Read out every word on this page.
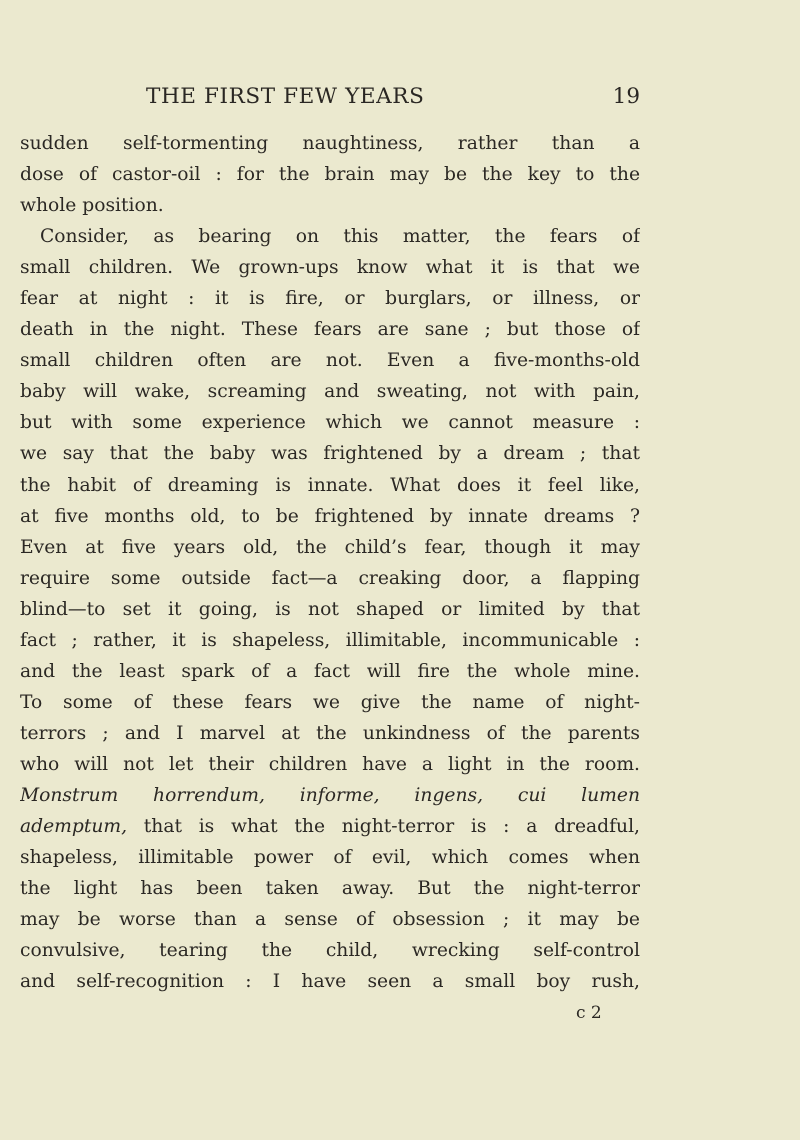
THE FIRST FEW YEARS	19
sudden self-tormenting naughtiness, rather than a
dose of castor-oil : for the brain may be the key to the
whole position.
Consider, as bearing on this matter, the fears of
small children. We grown-ups know what it is that we
fear at night : it is fire, or burglars, or illness, or
death in the night. These fears are sane ; but those of
small children often are not. Even a five-months-old
baby will wake, screaming and sweating, not with pain,
but with some experience which we cannot measure :
we say that the baby was frightened by a dream ; that
the habit of dreaming is innate. What does it feel like,
at five months old, to be frightened by innate dreams ?
Even at five years old, the child’s fear, though it may
require some outside fact—a creaking door, a flapping
blind—to set it going, is not shaped or limited by that
fact ; rather, it is shapeless, illimitable, incommunicable :
and the least spark of a fact will fire the whole mine.
To some of these fears we give the name of night-
terrors ; and I marvel at the unkindness of the parents
who will not let their children have a light in the room.
Monstrum horrendum, informe, ingens, cui lumen
ademptum, that is what the night-terror is : a dreadful,
shapeless, illimitable power of evil, which comes when
the light has been taken away. But the night-terror
may be worse than a sense of obsession ; it may be
convulsive, tearing the child, wrecking self-control
and self-recognition : I have seen a small boy rush,
c 2
